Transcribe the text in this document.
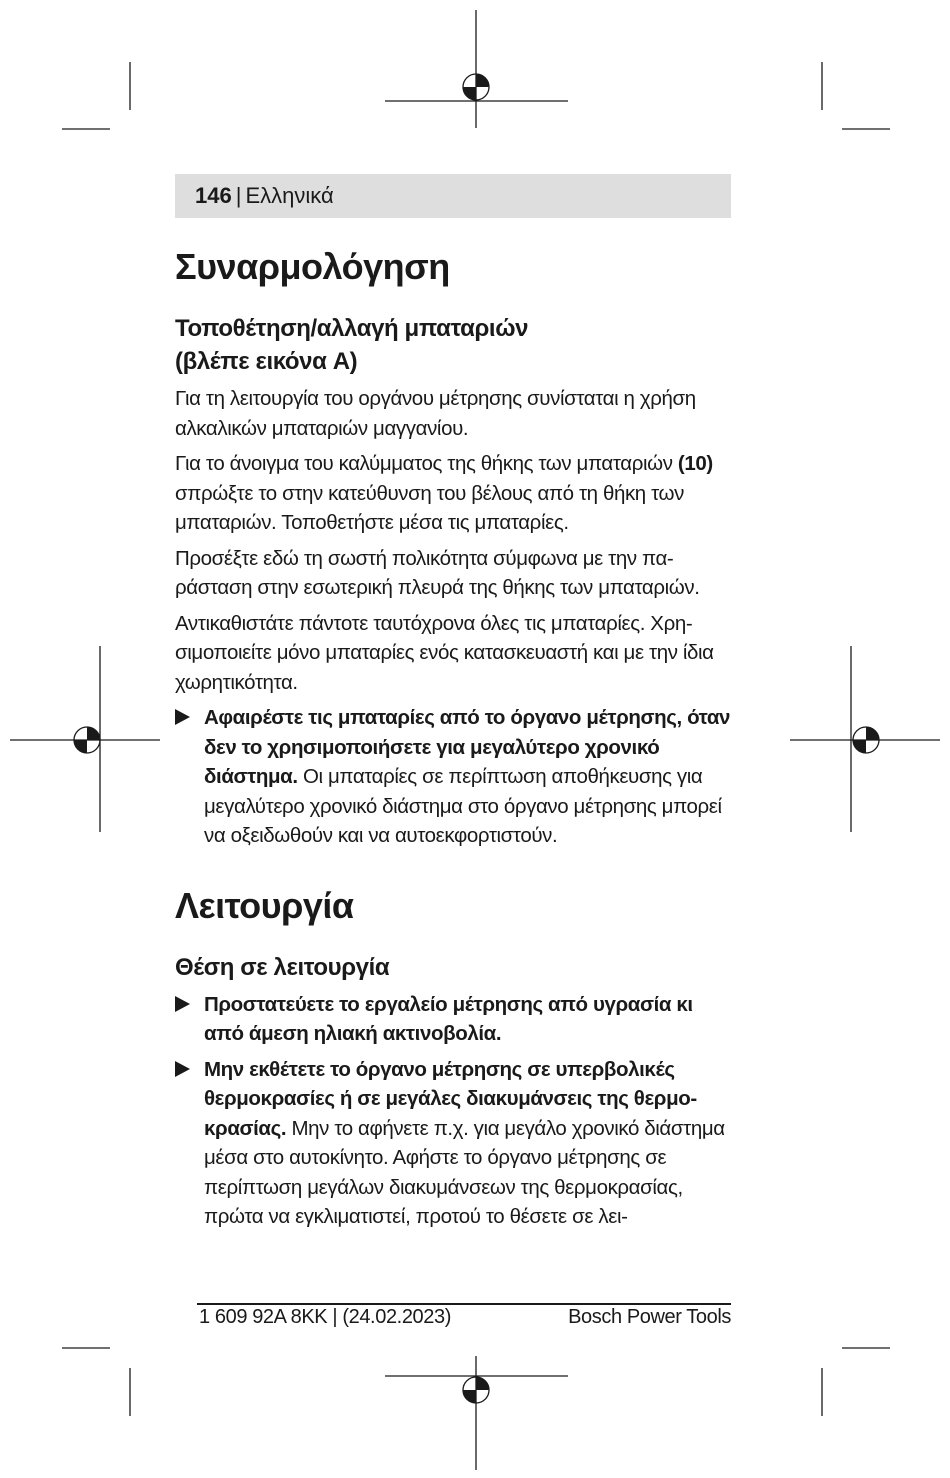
146 | Ελληνικά
Συναρμολόγηση
Τοποθέτηση/αλλαγή μπαταριών
(βλέπε εικόνα A)

Για τη λειτουργία του οργάνου μέτρησης συνίσταται η χρήση αλκαλικών μπαταριών μαγγανίου.

Για το άνοιγμα του καλύμματος της θήκης των μπαταριών (10) σπρώξτε το στην κατεύθυνση του βέλους από τη θήκη των μπαταριών. Τοποθετήστε μέσα τις μπαταρίες.

Προσέξτε εδώ τη σωστή πολικότητα σύμφωνα με την παράσταση στην εσωτερική πλευρά της θήκης των μπαταριών.

Αντικαθιστάτε πάντοτε ταυτόχρονα όλες τις μπαταρίες. Χρησιμοποιείτε μόνο μπαταρίες ενός κατασκευαστή και με την ίδια χωρητικότητα.

Αφαιρέστε τις μπαταρίες από το όργανο μέτρησης, όταν δεν το χρησιμοποιήσετε για μεγαλύτερο χρονικό διάστημα. Οι μπαταρίες σε περίπτωση αποθήκευσης για μεγαλύτερο χρονικό διάστημα στο όργανο μέτρησης μπορεί να οξειδωθούν και να αυτοεκφορτιστούν.
Λειτουργία
Θέση σε λειτουργία
Προστατεύετε το εργαλείο μέτρησης από υγρασία κι από άμεση ηλιακή ακτινοβολία.
Μην εκθέτετε το όργανο μέτρησης σε υπερβολικές θερμοκρασίες ή σε μεγάλες διακυμάνσεις της θερμοκρασίας. Μην το αφήνετε π.χ. για μεγάλο χρονικό διάστημα μέσα στο αυτοκίνητο. Αφήστε το όργανο μέτρησης σε περίπτωση μεγάλων διακυμάνσεων της θερμοκρασίας, πρώτα να εγκλιματιστεί, προτού το θέσετε σε λει-
1 609 92A 8KK | (24.02.2023)	Bosch Power Tools
